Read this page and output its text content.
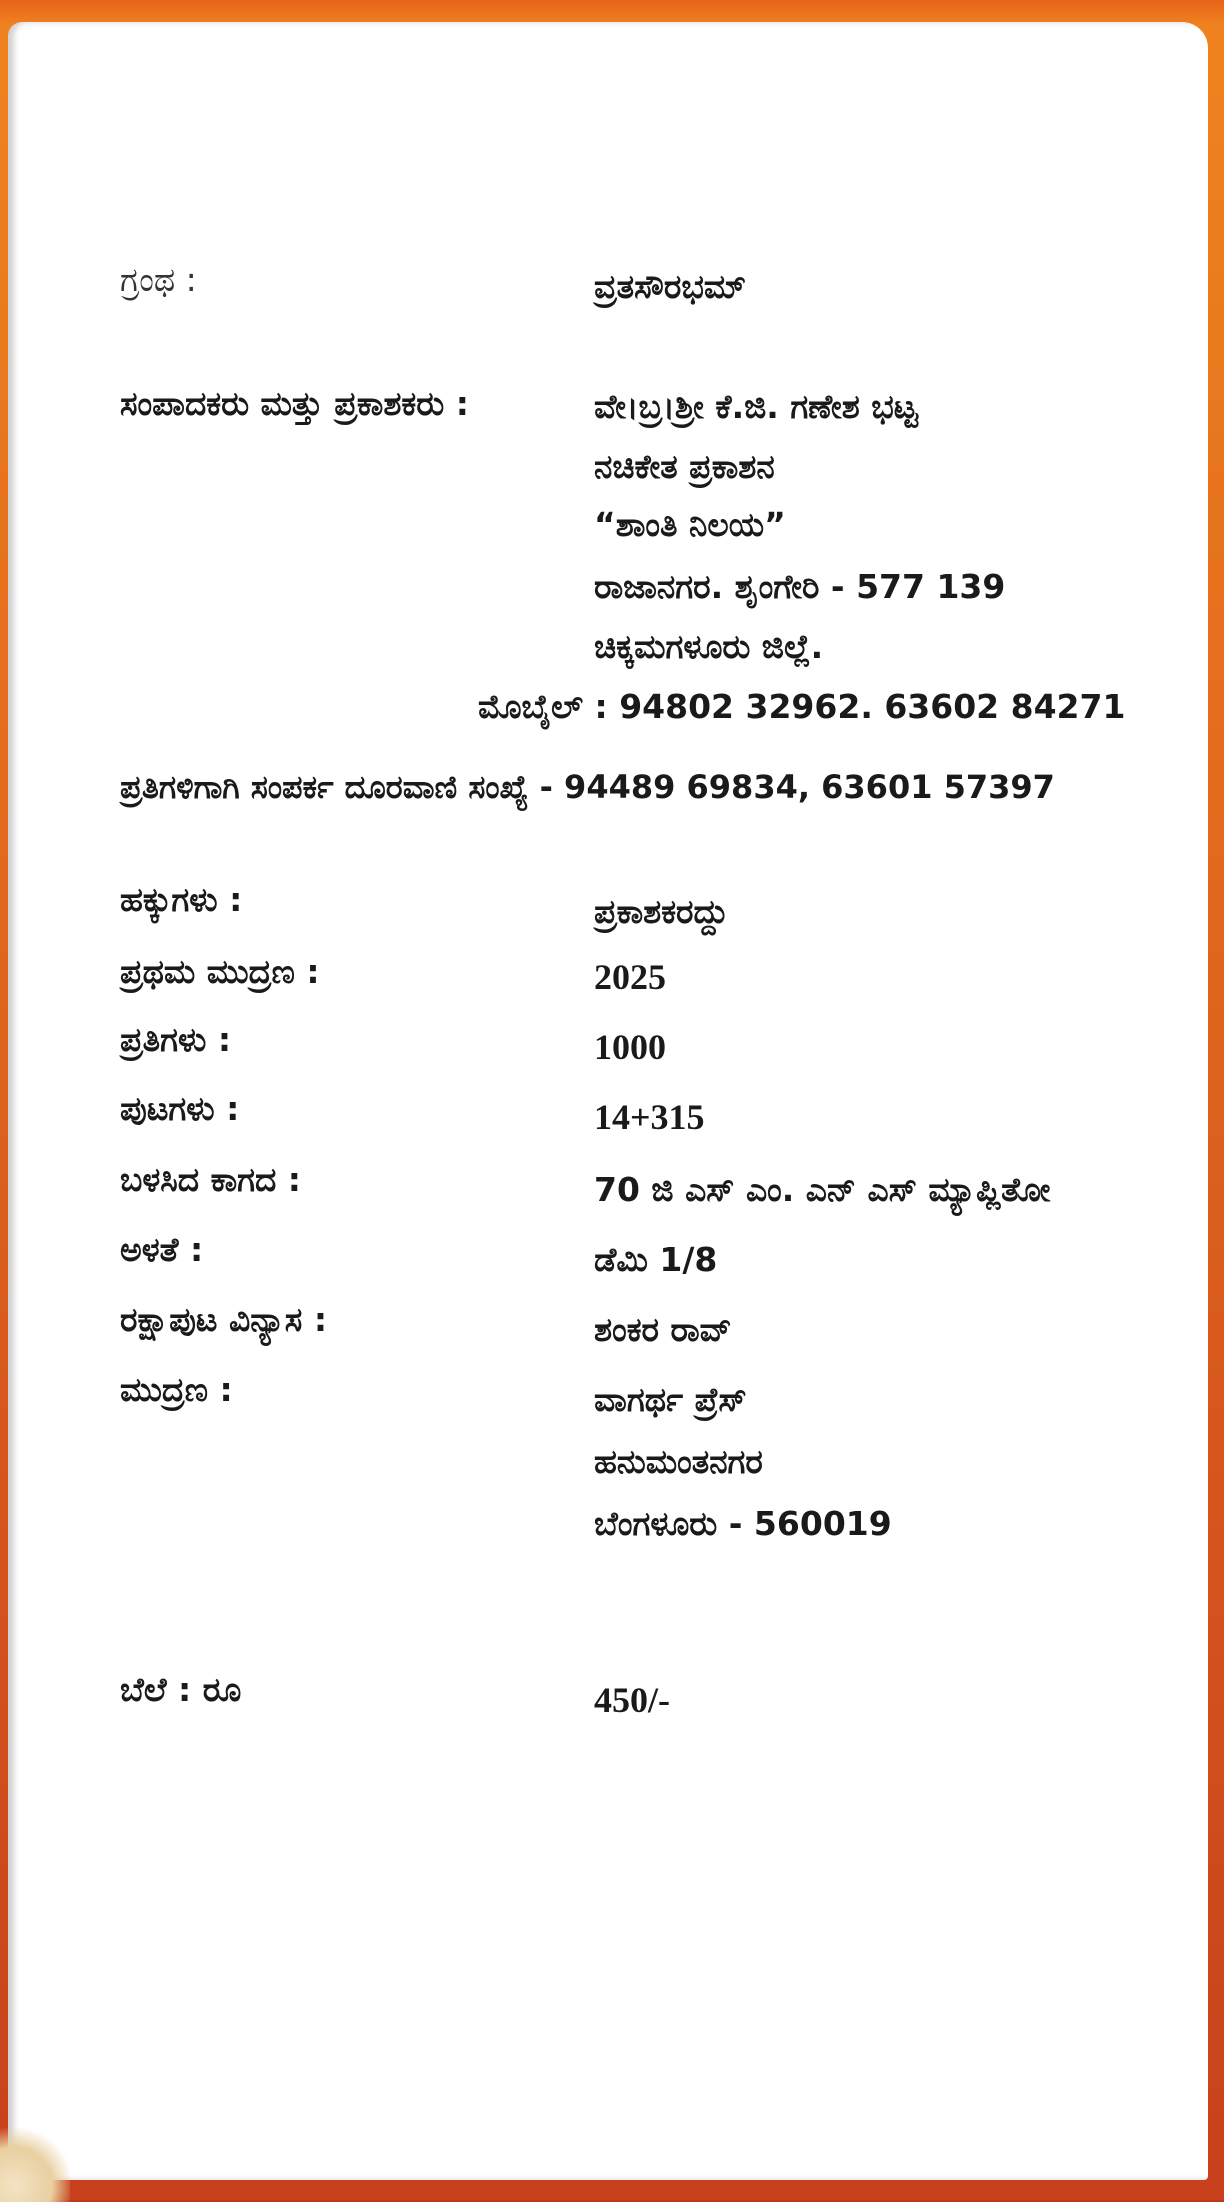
ಗ್ರಂಥ :	ವ್ರತಸೌರಭಮ್
ಸಂಪಾದಕರು ಮತ್ತು ಪ್ರಕಾಶಕರು :	ವೇ।ಬ್ರ।ಶ್ರೀ ಕೆ.ಜಿ. ಗಣೇಶ ಭಟ್ಟ
ನಚಿಕೇತ ಪ್ರಕಾಶನ
“ಶಾಂತಿ ನಿಲಯ”
ರಾಜಾನಗರ. ಶೃಂಗೇರಿ - 577 139
ಚಿಕ್ಕಮಗಳೂರು ಜಿಲ್ಲೆ.
ಮೊಬೈಲ್ : 94802 32962. 63602 84271
ಪ್ರತಿಗಳಿಗಾಗಿ ಸಂಪರ್ಕ ದೂರವಾಣಿ ಸಂಖ್ಯೆ - 94489 69834, 63601 57397
ಹಕ್ಕುಗಳು :	ಪ್ರಕಾಶಕರದ್ದು
ಪ್ರಥಮ ಮುದ್ರಣ :	2025
ಪ್ರತಿಗಳು :	1000
ಪುಟಗಳು :	14+315
ಬಳಸಿದ ಕಾಗದ :	70 ಜಿ ಎಸ್ ಎಂ. ಎನ್ ಎಸ್ ಮ್ಯಾಪ್ಲಿತೋ
ಅಳತೆ :	ಡೆಮಿ 1/8
ರಕ್ಷಾಪುಟ ವಿನ್ಯಾಸ :	ಶಂಕರ ರಾವ್
ಮುದ್ರಣ :	ವಾಗರ್ಥ ಪ್ರೆಸ್
ಹನುಮಂತನಗರ
ಬೆಂಗಳೂರು - 560019
ಬೆಲೆ : ರೂ	450/-
